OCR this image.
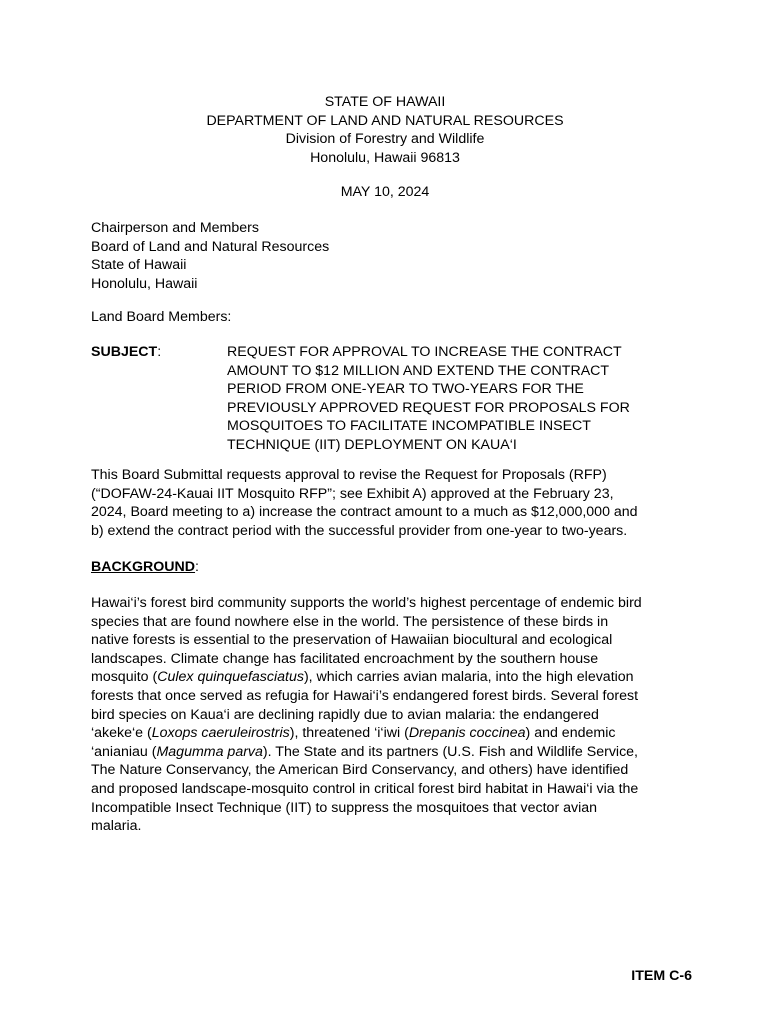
STATE OF HAWAII
DEPARTMENT OF LAND AND NATURAL RESOURCES
Division of Forestry and Wildlife
Honolulu, Hawaii 96813
MAY 10, 2024
Chairperson and Members
Board of Land and Natural Resources
State of Hawaii
Honolulu, Hawaii
Land Board Members:
SUBJECT:	REQUEST FOR APPROVAL TO INCREASE THE CONTRACT
AMOUNT TO $12 MILLION AND EXTEND THE CONTRACT
PERIOD FROM ONE-YEAR TO TWO-YEARS FOR THE
PREVIOUSLY APPROVED REQUEST FOR PROPOSALS FOR
MOSQUITOES TO FACILITATE INCOMPATIBLE INSECT
TECHNIQUE (IIT) DEPLOYMENT ON KAUA‘I
This Board Submittal requests approval to revise the Request for Proposals (RFP)
(“DOFAW-24-Kauai IIT Mosquito RFP”; see Exhibit A) approved at the February 23,
2024, Board meeting to a) increase the contract amount to a much as $12,000,000 and
b) extend the contract period with the successful provider from one-year to two-years.
BACKGROUND:
Hawai‘i’s forest bird community supports the world’s highest percentage of endemic bird
species that are found nowhere else in the world. The persistence of these birds in
native forests is essential to the preservation of Hawaiian biocultural and ecological
landscapes. Climate change has facilitated encroachment by the southern house
mosquito (Culex quinquefasciatus), which carries avian malaria, into the high elevation
forests that once served as refugia for Hawai‘i’s endangered forest birds. Several forest
bird species on Kaua‘i are declining rapidly due to avian malaria: the endangered
‘akeke‘e (Loxops caeruleirostris), threatened ‘i‘iwi (Drepanis coccinea) and endemic
‘anianiau (Magumma parva). The State and its partners (U.S. Fish and Wildlife Service,
The Nature Conservancy, the American Bird Conservancy, and others) have identified
and proposed landscape-mosquito control in critical forest bird habitat in Hawai‘i via the
Incompatible Insect Technique (IIT) to suppress the mosquitoes that vector avian
malaria.
ITEM C-6
